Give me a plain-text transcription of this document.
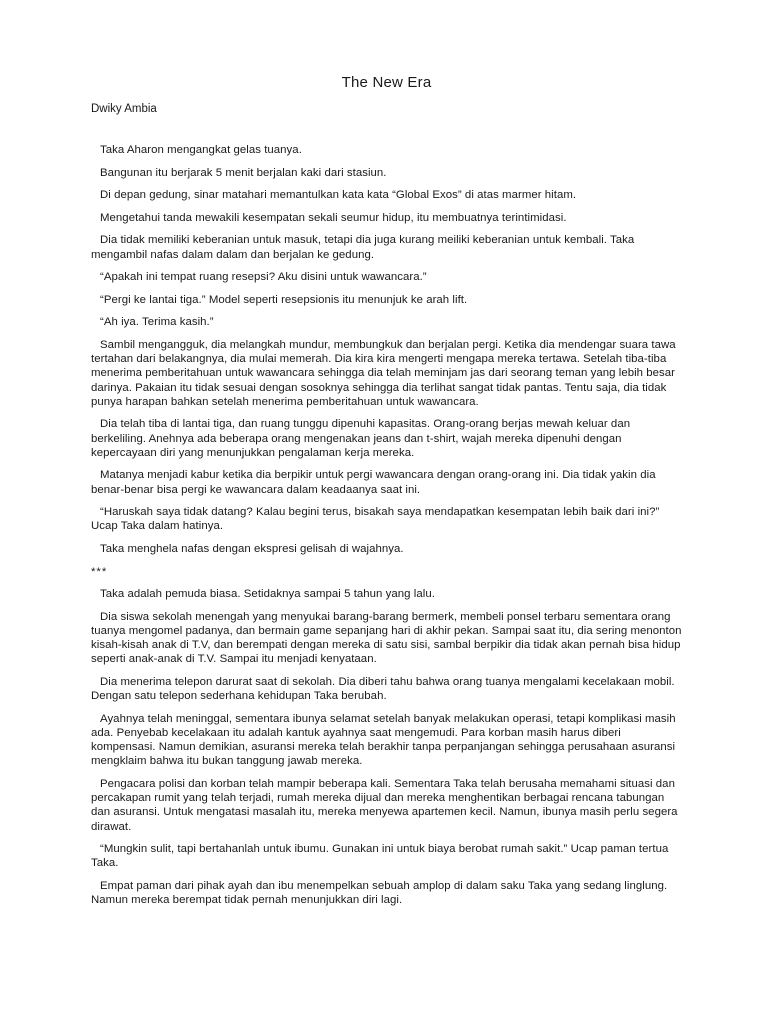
The New Era
Dwiky Ambia

Taka Aharon mengangkat gelas tuanya.

Bangunan itu berjarak 5 menit berjalan kaki dari stasiun.

Di depan gedung, sinar matahari memantulkan kata kata “Global Exos” di atas marmer hitam.

Mengetahui tanda mewakili kesempatan sekali seumur hidup, itu membuatnya terintimidasi.

Dia tidak memiliki keberanian untuk masuk, tetapi dia juga kurang meiliki keberanian untuk kembali. Taka mengambil nafas dalam dalam dan berjalan ke gedung.

“Apakah ini tempat ruang resepsi? Aku disini untuk wawancara.”

“Pergi ke lantai tiga.” Model seperti resepsionis itu menunjuk ke arah lift.

“Ah iya. Terima kasih.”

Sambil mengangguk, dia melangkah mundur, membungkuk dan berjalan pergi. Ketika dia mendengar suara tawa tertahan dari belakangnya, dia mulai memerah. Dia kira kira mengerti mengapa mereka tertawa. Setelah tiba-tiba menerima pemberitahuan untuk wawancara sehingga dia telah meminjam jas dari seorang teman yang lebih besar darinya. Pakaian itu tidak sesuai dengan sosoknya sehingga dia terlihat sangat tidak pantas. Tentu saja, dia tidak punya harapan bahkan setelah menerima pemberitahuan untuk wawancara.

Dia telah tiba di lantai tiga, dan ruang tunggu dipenuhi kapasitas. Orang-orang berjas mewah keluar dan berkeliling. Anehnya ada beberapa orang mengenakan jeans dan t-shirt, wajah mereka dipenuhi dengan kepercayaan diri yang menunjukkan pengalaman kerja mereka.

Matanya menjadi kabur ketika dia berpikir untuk pergi wawancara dengan orang-orang ini. Dia tidak yakin dia benar-benar bisa pergi ke wawancara dalam keadaanya saat ini.

“Haruskah saya tidak datang? Kalau begini terus, bisakah saya mendapatkan kesempatan lebih baik dari ini?” Ucap Taka dalam hatinya.

Taka menghela nafas dengan ekspresi gelisah di wajahnya.

***

Taka adalah pemuda biasa. Setidaknya sampai 5 tahun yang lalu.

Dia siswa sekolah menengah yang menyukai barang-barang bermerk, membeli ponsel terbaru sementara orang tuanya mengomel padanya, dan bermain game sepanjang hari di akhir pekan. Sampai saat itu, dia sering menonton kisah-kisah anak di T.V, dan berempati dengan mereka di satu sisi, sambal berpikir dia tidak akan pernah bisa hidup seperti anak-anak di T.V. Sampai itu menjadi kenyataan.

Dia menerima telepon darurat saat di sekolah. Dia diberi tahu bahwa orang tuanya mengalami kecelakaan mobil. Dengan satu telepon sederhana kehidupan Taka berubah.

Ayahnya telah meninggal, sementara ibunya selamat setelah banyak melakukan operasi, tetapi komplikasi masih ada. Penyebab kecelakaan itu adalah kantuk ayahnya saat mengemudi. Para korban masih harus diberi kompensasi. Namun demikian, asuransi mereka telah berakhir tanpa perpanjangan sehingga perusahaan asuransi mengklaim bahwa itu bukan tanggung jawab mereka.

Pengacara polisi dan korban telah mampir beberapa kali. Sementara Taka telah berusaha memahami situasi dan percakapan rumit yang telah terjadi, rumah mereka dijual dan mereka menghentikan berbagai rencana tabungan dan asuransi. Untuk mengatasi masalah itu, mereka menyewa apartemen kecil. Namun, ibunya masih perlu segera dirawat.

“Mungkin sulit, tapi bertahanlah untuk ibumu. Gunakan ini untuk biaya berobat rumah sakit.” Ucap paman tertua Taka.

Empat paman dari pihak ayah dan ibu menempelkan sebuah amplop di dalam saku Taka yang sedang linglung. Namun mereka berempat tidak pernah menunjukkan diri lagi.
